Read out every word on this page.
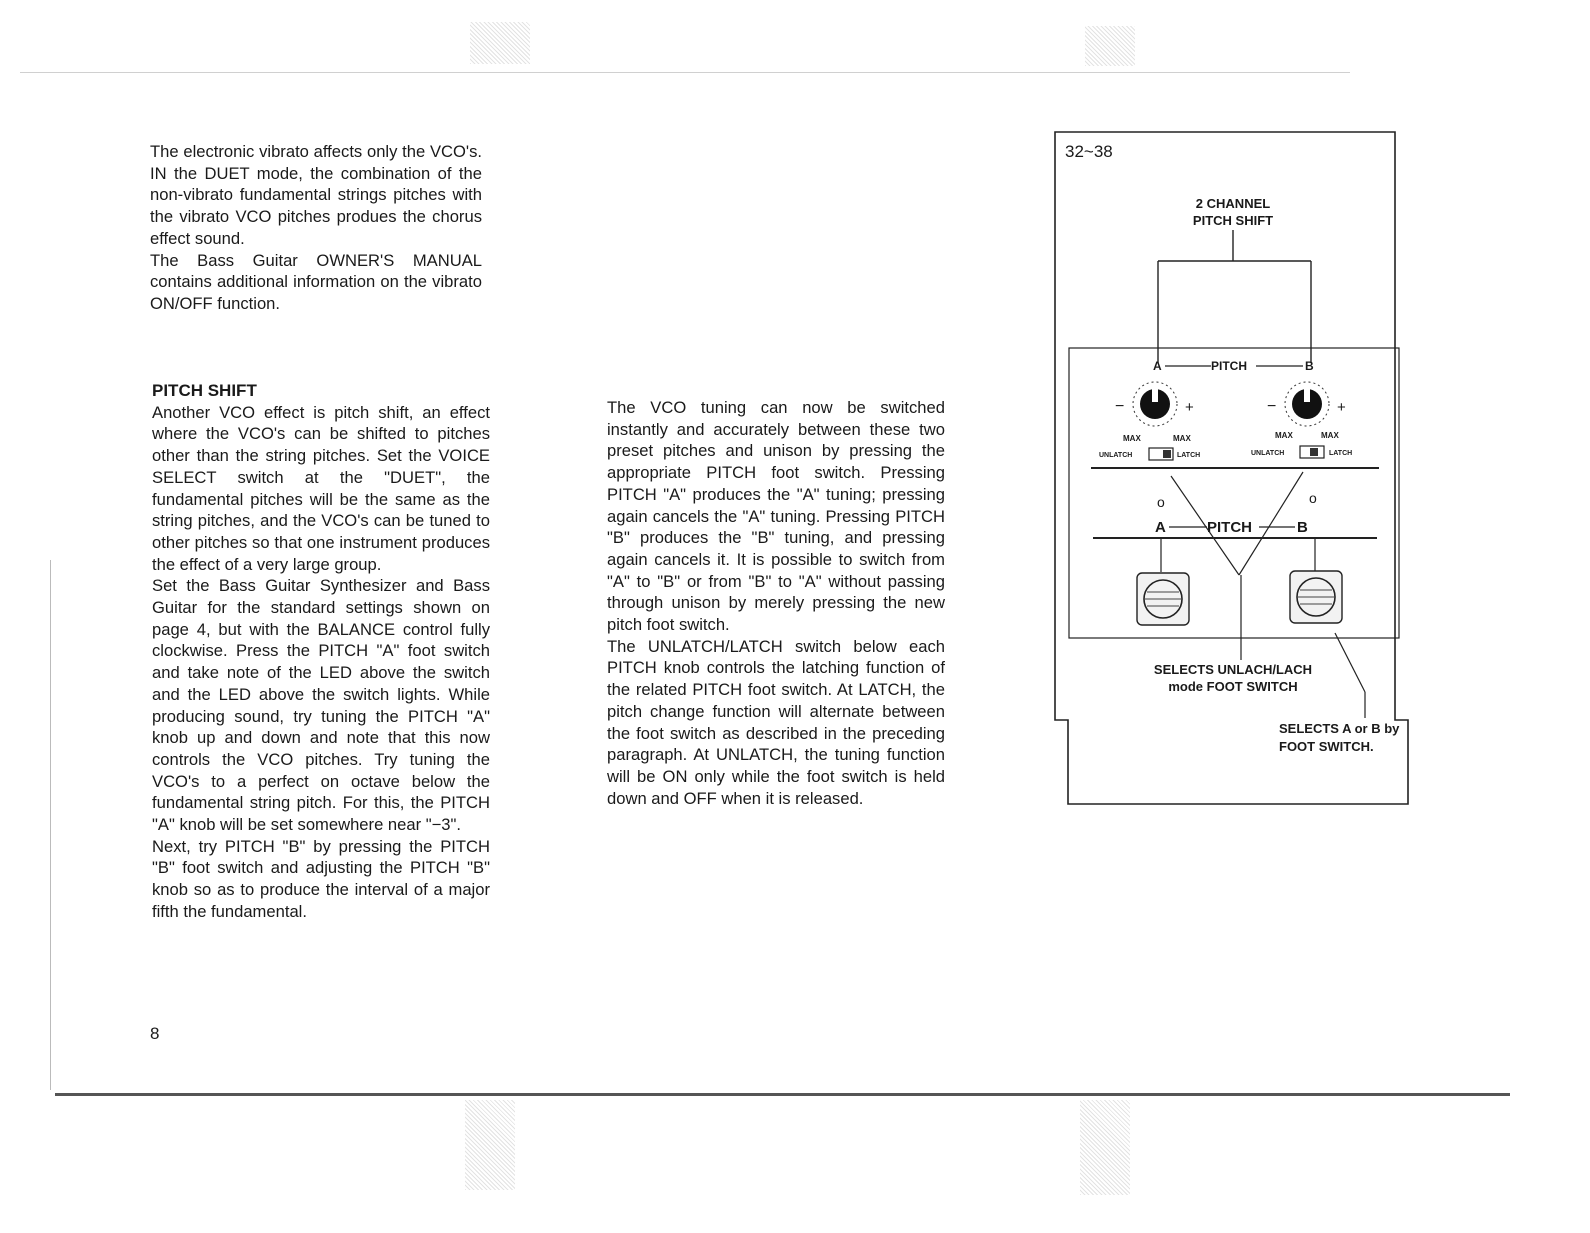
The electronic vibrato affects only the VCO's. IN the DUET mode, the combination of the non-vibrato fundamental strings pitches with the vibrato VCO pitches produes the chorus effect sound.

The Bass Guitar OWNER'S MANUAL contains additional information on the vibrato ON/OFF function.

PITCH SHIFT

Another VCO effect is pitch shift, an effect where the VCO's can be shifted to pitches other than the string pitches. Set the VOICE SELECT switch at the "DUET", the fundamental pitches will be the same as the string pitches, and the VCO's can be tuned to other pitches so that one instrument produces the effect of a very large group.

Set the Bass Guitar Synthesizer and Bass Guitar for the standard settings shown on page 4, but with the BALANCE control fully clockwise. Press the PITCH "A" foot switch and take note of the LED above the switch and the LED above the switch lights. While producing sound, try tuning the PITCH "A" knob up and down and note that this now controls the VCO pitches. Try tuning the VCO's to a perfect on octave below the fundamental string pitch. For this, the PITCH "A" knob will be set somewhere near "−3".

Next, try PITCH "B" by pressing the PITCH "B" foot switch and adjusting the PITCH "B" knob so as to produce the interval of a major fifth the fundamental.

The VCO tuning can now be switched instantly and accurately between these two preset pitches and unison by pressing the appropriate PITCH foot switch. Pressing PITCH "A" produces the "A" tuning; pressing again cancels the "A" tuning. Pressing PITCH "B" produces the "B" tuning, and pressing again cancels it. It is possible to switch from "A" to "B" or from "B" to "A" without passing through unison by merely pressing the new pitch foot switch.

The UNLATCH/LATCH switch below each PITCH knob controls the latching function of the related PITCH foot switch. At LATCH, the pitch change function will alternate between the foot switch as described in the preceding paragraph. At UNLATCH, the tuning function will be ON only while the foot switch is held down and OFF when it is released.

8
32~38
2 CHANNEL
PITCH SHIFT
A	PITCH	B
−	+
MAX	MAX
UNLATCH	LATCH
−	+
MAX	MAX
UNLATCH	LATCH
o	o
A	PITCH	B
SELECTS UNLACH/LACH
mode FOOT SWITCH
SELECTS A or B by
FOOT SWITCH.
